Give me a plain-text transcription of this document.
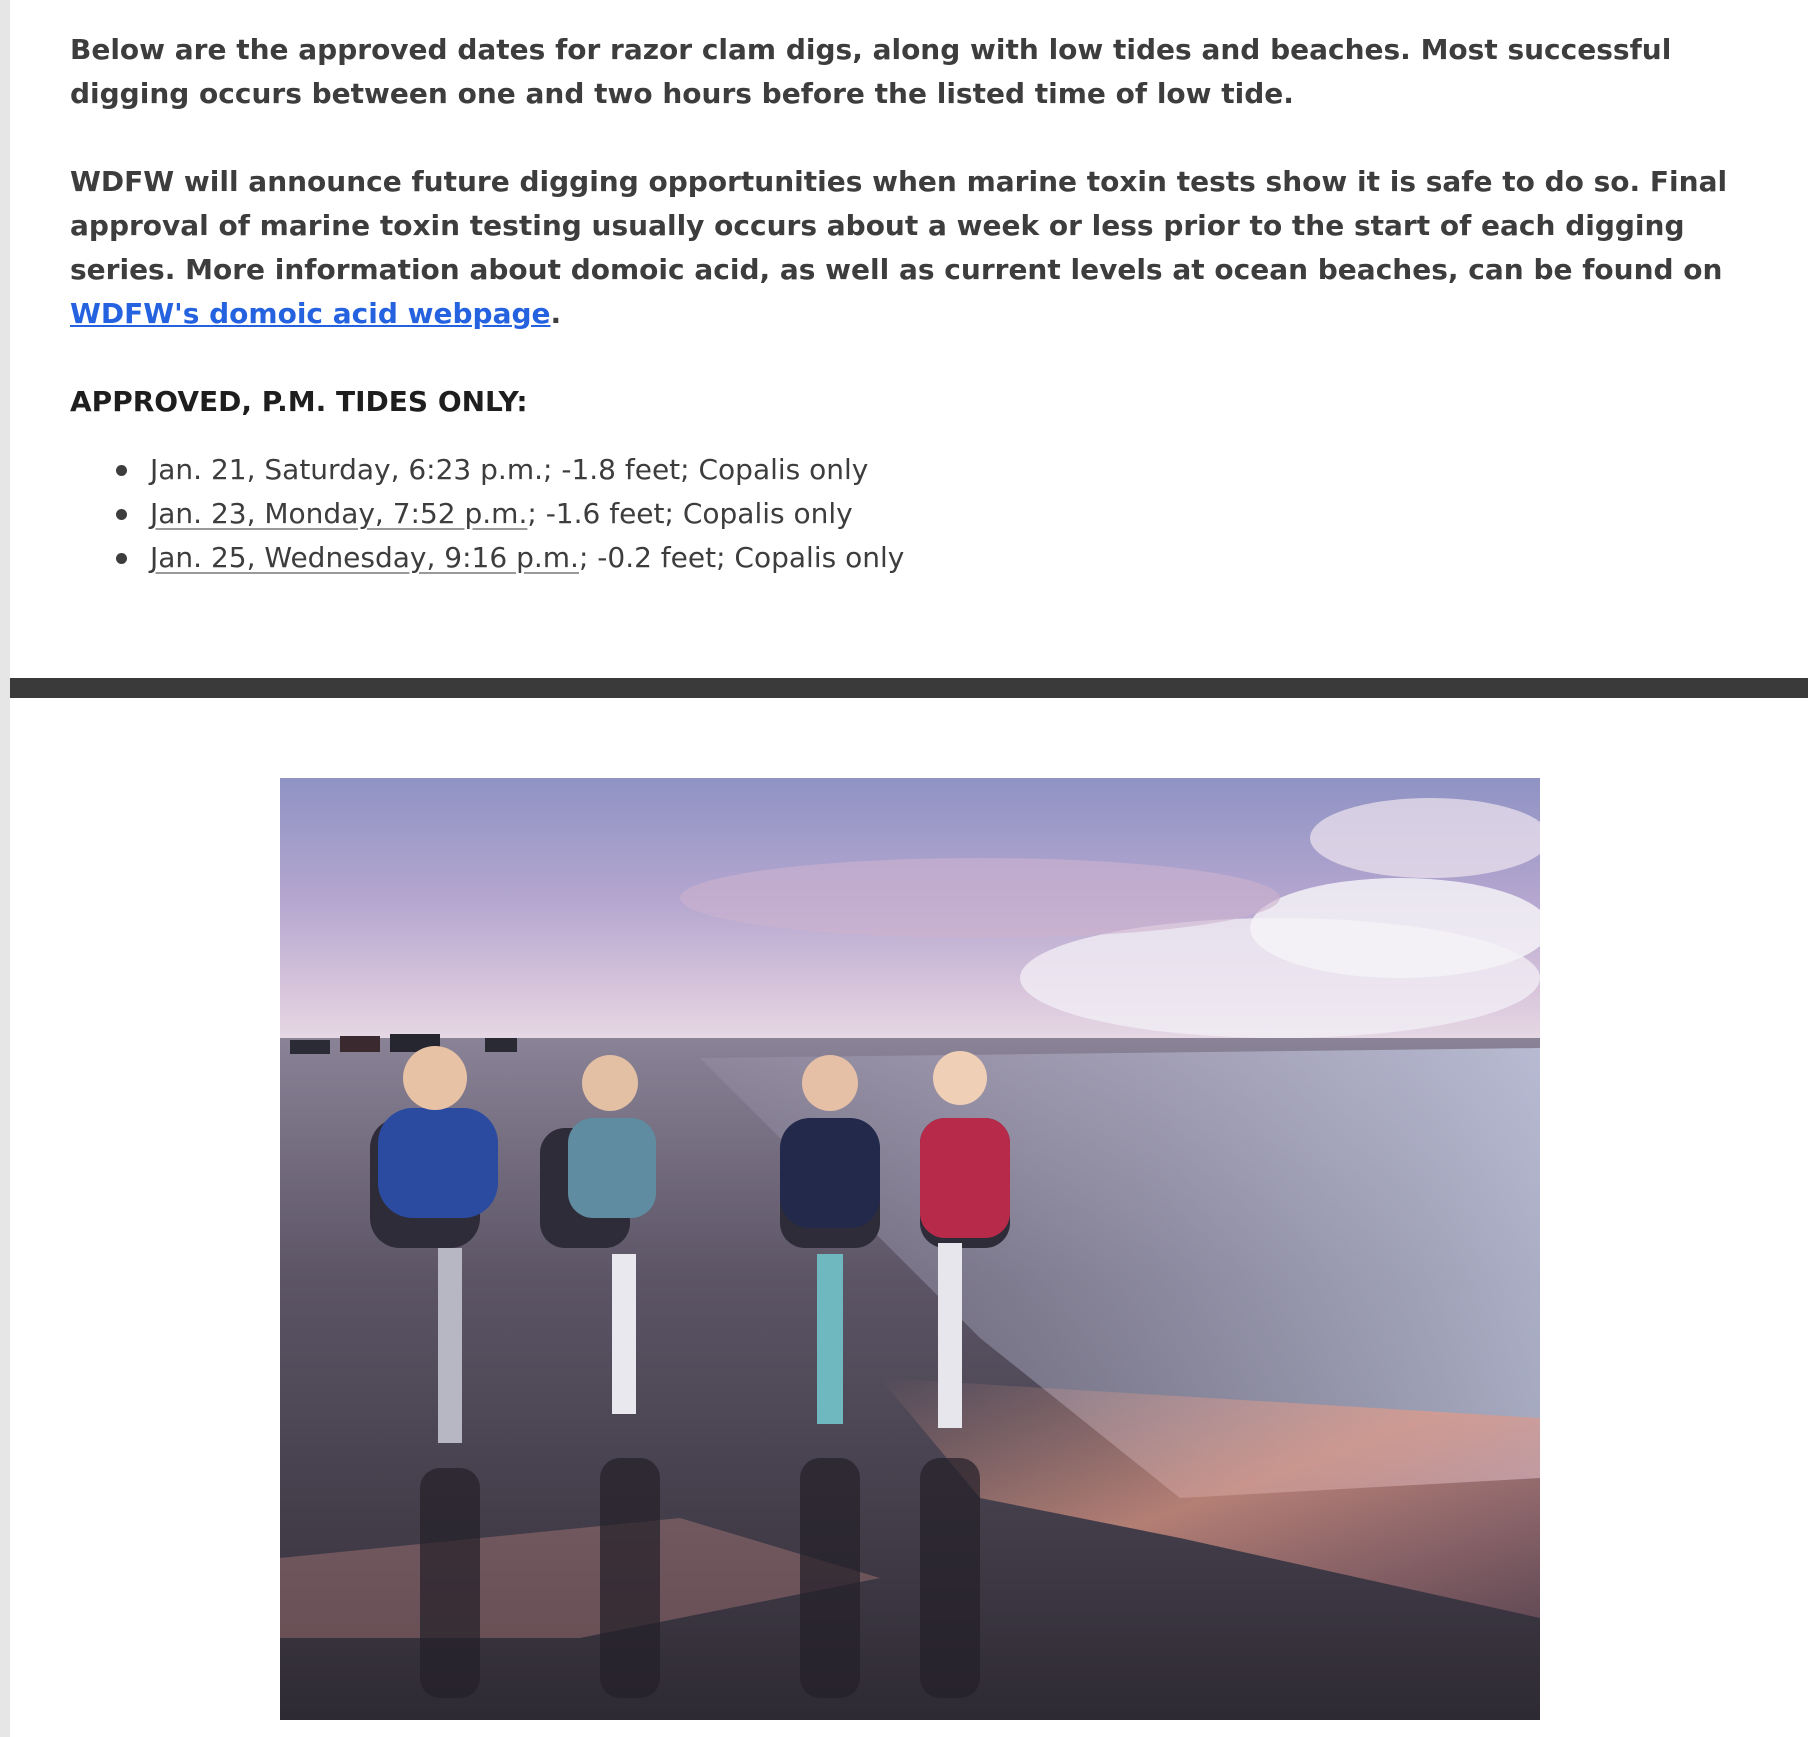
Below are the approved dates for razor clam digs, along with low tides and beaches. Most successful digging occurs between one and two hours before the listed time of low tide.

WDFW will announce future digging opportunities when marine toxin tests show it is safe to do so. Final approval of marine toxin testing usually occurs about a week or less prior to the start of each digging series. More information about domoic acid, as well as current levels at ocean beaches, can be found on WDFW's domoic acid webpage.

APPROVED, P.M. TIDES ONLY:
Jan. 21, Saturday, 6:23 p.m.; -1.8 feet; Copalis only
Jan. 23, Monday, 7:52 p.m.; -1.6 feet; Copalis only
Jan. 25, Wednesday, 9:16 p.m.; -0.2 feet; Copalis only
